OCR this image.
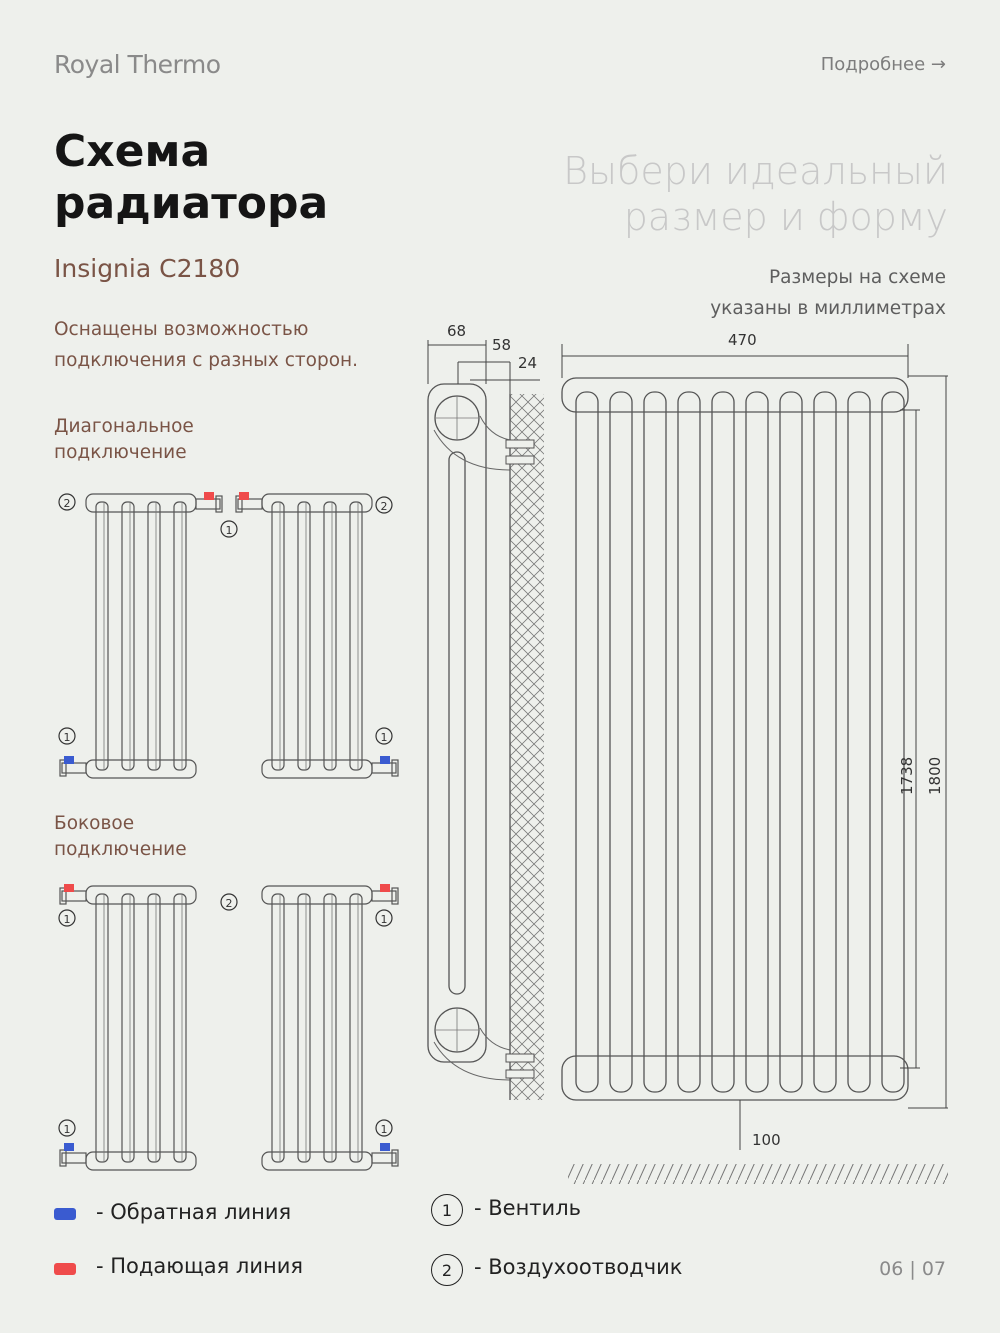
Royal Thermo	Подробнее →
Схема
радиатора
Insignia C2180
Оснащены возможностью
подключения с разных сторон.
Выбери идеальный
размер и форму
Размеры на схеме
указаны в миллиметрах
Диагональное
подключение
Боковое
подключение
2
1
1
2
1
1
1
2
1
1
68
58
24
470
1738 1800
100
- Обратная линия
- Подающая линия
1	- Вентиль
2	- Воздухоотводчик	06 | 07
